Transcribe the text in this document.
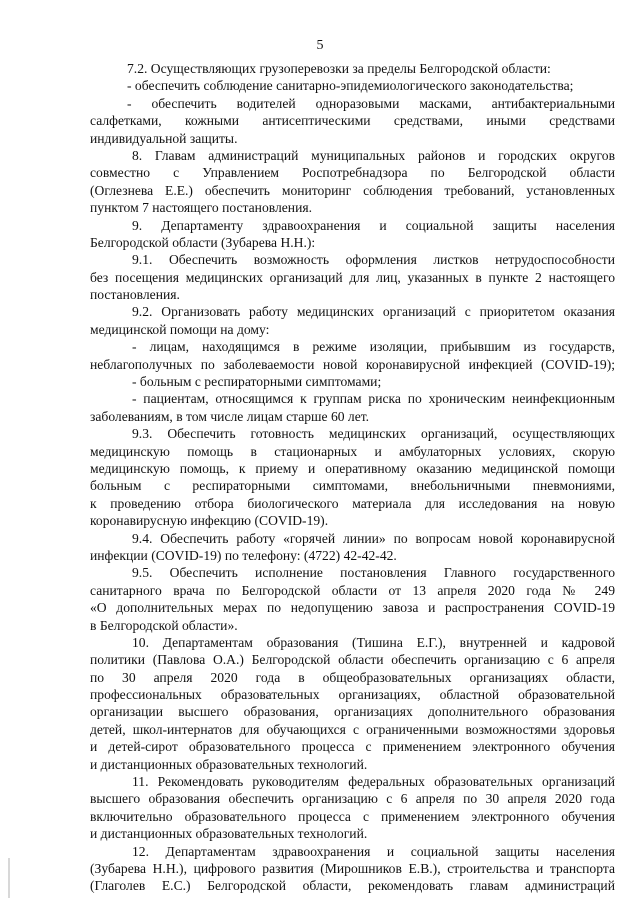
5
7.2. Осуществляющих грузоперевозки за пределы Белгородской области:
- обеспечить соблюдение санитарно-эпидемиологического законодательства;
- обеспечить водителей одноразовыми масками, антибактериальными
салфетками, кожными антисептическими средствами, иными средствами
индивидуальной защиты.
8. Главам администраций муниципальных районов и городских округов
совместно с Управлением Роспотребнадзора по Белгородской области
(Оглезнева Е.Е.) обеспечить мониторинг соблюдения требований, установленных
пунктом 7 настоящего постановления.
9. Департаменту здравоохранения и социальной защиты населения
Белгородской области (Зубарева Н.Н.):
9.1. Обеспечить возможность оформления листков нетрудоспособности
без посещения медицинских организаций для лиц, указанных в пункте 2 настоящего
постановления.
9.2. Организовать работу медицинских организаций с приоритетом оказания
медицинской помощи на дому:
- лицам, находящимся в режиме изоляции, прибывшим из государств,
неблагополучных по заболеваемости новой коронавирусной инфекцией (COVID-19);
- больным с респираторными симптомами;
- пациентам, относящимся к группам риска по хроническим неинфекционным
заболеваниям, в том числе лицам старше 60 лет.
9.3. Обеспечить готовность медицинских организаций, осуществляющих
медицинскую помощь в стационарных и амбулаторных условиях, скорую
медицинскую помощь, к приему и оперативному оказанию медицинской помощи
больным с респираторными симптомами, внебольничными пневмониями,
к проведению отбора биологического материала для исследования на новую
коронавирусную инфекцию (COVID-19).
9.4. Обеспечить работу «горячей линии» по вопросам новой коронавирусной
инфекции (COVID-19) по телефону: (4722) 42-42-42.
9.5. Обеспечить исполнение постановления Главного государственного
санитарного врача по Белгородской области от 13 апреля 2020 года № 249
«О дополнительных мерах по недопущению завоза и распространения COVID-19
в Белгородской области».
10. Департаментам образования (Тишина Е.Г.), внутренней и кадровой
политики (Павлова О.А.) Белгородской области обеспечить организацию с 6 апреля
по 30 апреля 2020 года в общеобразовательных организациях области,
профессиональных образовательных организациях, областной образовательной
организации высшего образования, организациях дополнительного образования
детей, школ-интернатов для обучающихся с ограниченными возможностями здоровья
и детей-сирот образовательного процесса с применением электронного обучения
и дистанционных образовательных технологий.
11. Рекомендовать руководителям федеральных образовательных организаций
высшего образования обеспечить организацию с 6 апреля по 30 апреля 2020 года
включительно образовательного процесса с применением электронного обучения
и дистанционных образовательных технологий.
12. Департаментам здравоохранения и социальной защиты населения
(Зубарева Н.Н.), цифрового развития (Мирошников Е.В.), строительства и транспорта
(Глаголев Е.С.) Белгородской области, рекомендовать главам администраций
